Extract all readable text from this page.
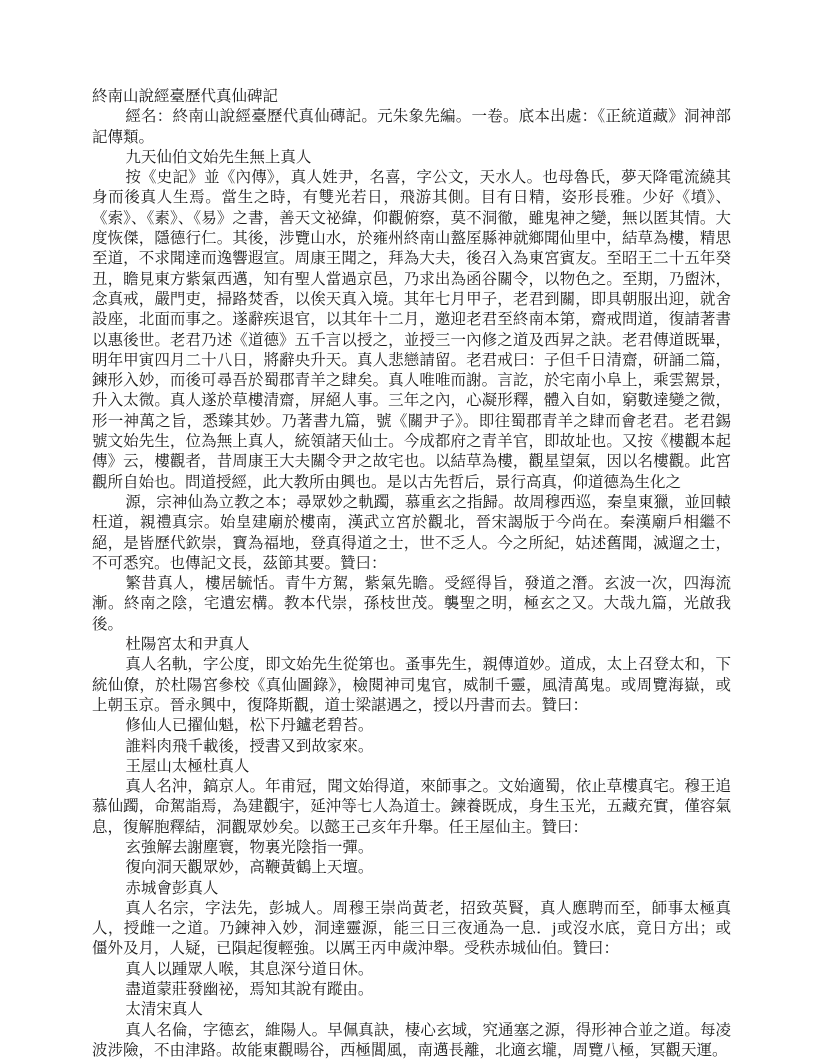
終南山說經臺歷代真仙碑記

經名：終南山說經臺歷代真仙磚記。元朱象先編。一卷。底本出處：《正統道藏》洞神部記傳類。

九天仙伯文始先生無上真人

按《史記》並《內傳》，真人姓尹，名喜，字公文，天水人。也母魯氏，夢天降電流繞其身而後真人生焉。當生之時，有雙光若日，飛游其側。目有日精，姿形長雅。少好《墳》、《索》、《素》、《易》之書，善天文祕緯，仰觀俯察，莫不洞徹，雖鬼神之變，無以匿其情。大度恢傑，隱德行仁。其後，涉覽山水，於雍州終南山盩厔縣神就鄉聞仙里中，結草為樓，精思至道，不求聞達而逸響遐宣。周康王聞之，拜為大夫，後召入為東宮賓友。至昭王二十五年癸丑，瞻見東方紫氣西邁，知有聖人當過京邑，乃求出為函谷關令，以物色之。至期，乃盥沐，念真戒，嚴門吏，掃路焚香，以俟天真入境。其年七月甲子，老君到關，即具朝服出迎，就舍設座，北面而事之。遂辭疾退官，以其年十二月，邀迎老君至終南本第，齋戒問道，復請著書以惠後世。老君乃述《道德》五千言以授之，並授三一內修之道及西昇之訣。老君傳道既畢，明年甲寅四月二十八日，將辭央升天。真人悲戀請留。老君戒曰：子但千日清齋，研誦二篇，鍊形入妙，而後可尋吾於蜀郡青羊之肆矣。真人唯唯而謝。言訖，於宅南小阜上，乘雲駕景，升入太微。真人遂於草樓清齋，屏絕人事。三年之內，心凝形釋，體入自如，窮數達變之微，形一神萬之旨，悉臻其妙。乃著書九篇，號《關尹子》。即往蜀郡青羊之肆而會老君。老君錫號文始先生，位為無上真人，統領諸天仙士。今成都府之青羊官，即故址也。又按《樓觀本起傳》云，樓觀者，昔周康王大夫關令尹之故宅也。以結草為樓，觀星望氣，因以名樓觀。此宮觀所自始也。問道授經，此大教所由興也。是以古先哲后，景行高真，仰道德為生化之

源，宗神仙為立教之本；尋眾妙之軌躅，慕重玄之指歸。故周穆西巡，秦皇東獵，並回轅枉道，親禮真宗。始皇建廟於樓南，漢武立宮於觀北，晉宋謁版于今尚在。秦漢廟戶相繼不絕，是皆歷代欽崇，寶為福地，登真得道之士，世不乏人。今之所紀，姑述舊聞，滅遛之士，不可悉究。也傳記文長，茲節其要。贊曰：

繁昔真人，樓居毓恬。青牛方駕，紫氣先瞻。受經得旨，發道之潛。玄波一次，四海流漸。終南之陰，宅遺宏構。教本代崇，孫枝世茂。襲聖之明，極玄之又。大哉九篇，光啟我後。

杜陽宮太和尹真人

真人名軌，字公度，即文始先生從第也。蚤事先生，親傳道妙。道成，太上召登太和，下統仙僚，於杜陽宮參校《真仙圖錄》，檢閱神司鬼官，威制千靈，風清萬鬼。或周覽海嶽，或上朝玉京。晉永興中，復降斯觀，道士梁諶遇之，授以丹書而去。贊曰：

修仙人已擢仙魁，松下丹鑪老碧苔。

誰料肉飛千載後，授書又到故家來。

王屋山太極杜真人

真人名沖，鎬京人。年甫冠，聞文始得道，來師事之。文始適蜀，依止草樓真宅。穆王追慕仙躅，命駕詣焉，為建觀宇，延沖等七人為道士。鍊養既成，身生玉光，五藏充實，僅容氣息，復解胞釋結，洞觀眾妙矣。以懿王己亥年升舉。任王屋仙主。贊曰：

玄強解去謝塵寰，物裏光陰指一彈。

復向洞天觀眾妙，高鞭黃鶴上天壇。

赤城會彭真人

真人名宗，字法先，彭城人。周穆王崇尚黃老，招致英賢，真人應聘而至，師事太極真人，授雌一之道。乃鍊神入妙，洞達靈源，能三日三夜通為一息．j或沒水底，竟日方出；或僵外及月，人疑，已隕起復輕強。以厲王丙申歲沖舉。受秩赤城仙伯。贊曰：

真人以踵眾人喉，其息深兮道日休。

盡道蒙莊發幽祕，焉知其說有蹤由。

太清宋真人

真人名倫，字德玄，維陽人。早佩真訣，棲心玄域，究通塞之源，得形神合並之道。每凌波涉險，不由津路。故能東觀暘谷，西極閶風，南邁長離，北適玄壠，周覽八極，冥觀天運。
